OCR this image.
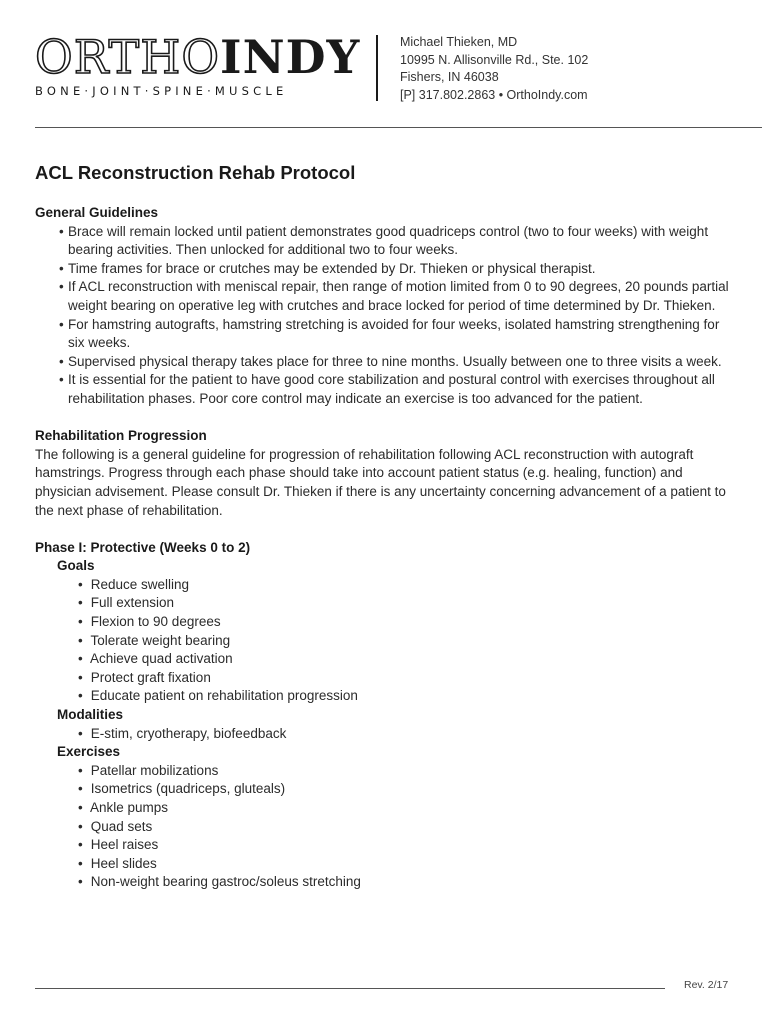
ORTHOINDY
BONE·JOINT·SPINE·MUSCLE
Michael Thieken, MD
10995 N. Allisonville Rd., Ste. 102
Fishers, IN 46038
[P] 317.802.2863 • OrthoIndy.com
ACL Reconstruction Rehab Protocol
General Guidelines
• Brace will remain locked until patient demonstrates good quadriceps control (two to four weeks) with weight bearing activities. Then unlocked for additional two to four weeks.
• Time frames for brace or crutches may be extended by Dr. Thieken or physical therapist.
• If ACL reconstruction with meniscal repair, then range of motion limited from 0 to 90 degrees, 20 pounds partial weight bearing on operative leg with crutches and brace locked for period of time determined by Dr. Thieken.
• For hamstring autografts, hamstring stretching is avoided for four weeks, isolated hamstring strengthening for six weeks.
• Supervised physical therapy takes place for three to nine months. Usually between one to three visits a week.
• It is essential for the patient to have good core stabilization and postural control with exercises throughout all rehabilitation phases. Poor core control may indicate an exercise is too advanced for the patient.
Rehabilitation Progression

The following is a general guideline for progression of rehabilitation following ACL reconstruction with autograft hamstrings. Progress through each phase should take into account patient status (e.g. healing, function) and physician advisement. Please consult Dr. Thieken if there is any uncertainty concerning advancement of a patient to the next phase of rehabilitation.

Phase I: Protective (Weeks 0 to 2)
Goals
• Reduce swelling
• Full extension
• Flexion to 90 degrees
• Tolerate weight bearing
• Achieve quad activation
• Protect graft fixation
• Educate patient on rehabilitation progression
Modalities
• E-stim, cryotherapy, biofeedback
Exercises
• Patellar mobilizations
• Isometrics (quadriceps, gluteals)
• Ankle pumps
• Quad sets
• Heel raises
• Heel slides
• Non-weight bearing gastroc/soleus stretching
Rev. 2/17
